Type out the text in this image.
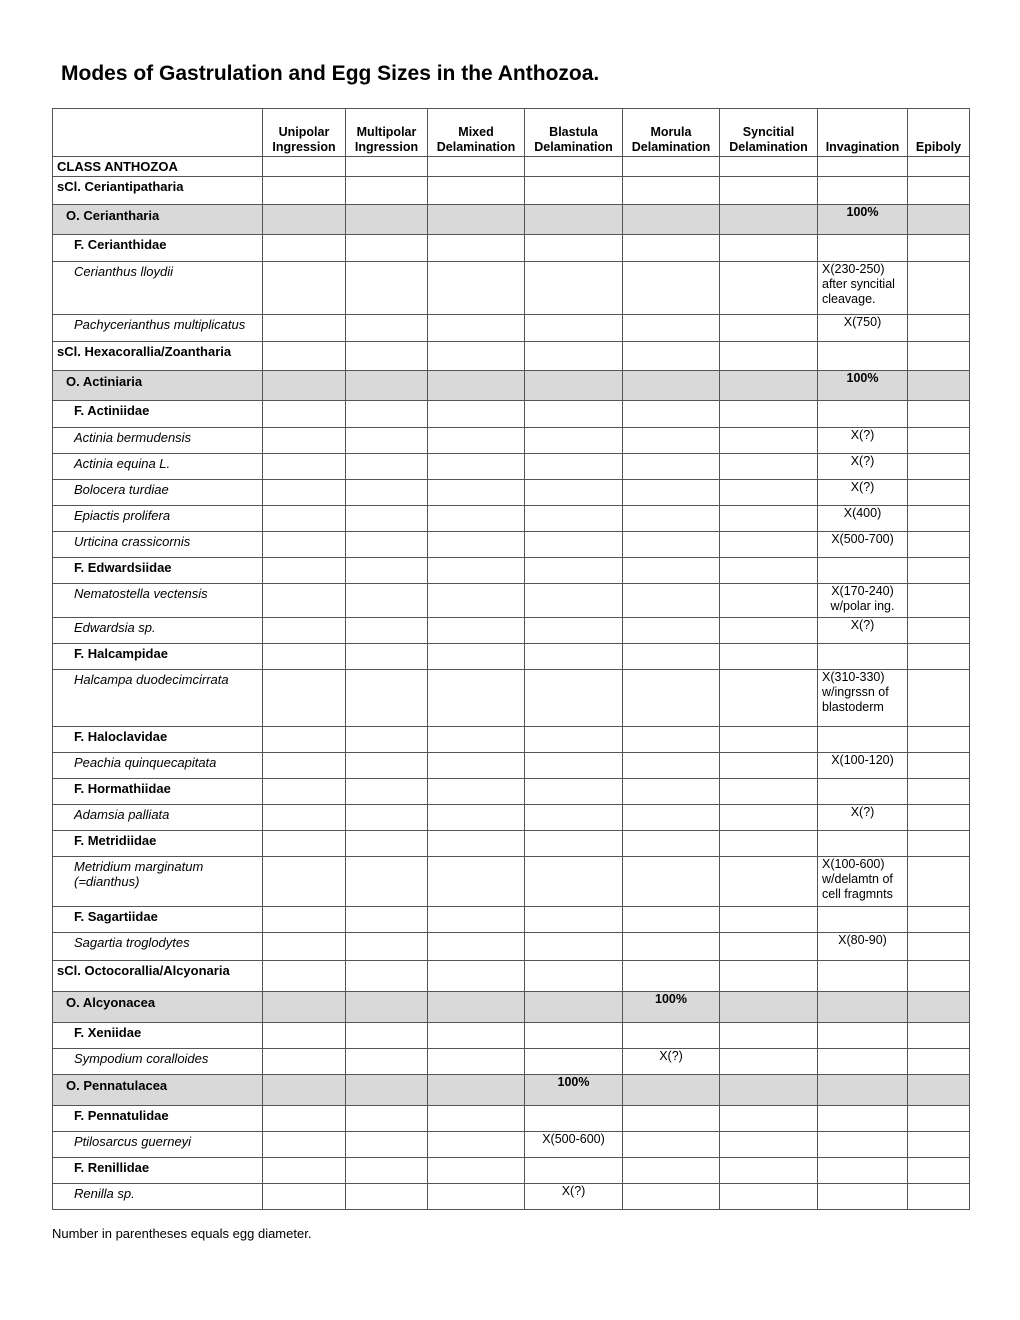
Modes of Gastrulation and Egg Sizes in the Anthozoa.

	Unipolar
Ingression	Multipolar
Ingression	Mixed
Delamination	Blastula
Delamination	Morula
Delamination	Syncitial
Delamination	Invagination	Epiboly

CLASS ANTHOZOA								
sCl. Ceriantipatharia								
O. Ceriantharia							100%	

F. Cerianthidae								
Cerianthus lloydii							X(230-250) after syncitial cleavage.	

Pachycerianthus multiplicatus							X(750)	

sCl. Hexacorallia/Zoantharia								
O. Actiniaria							100%	

F. Actiniidae								
Actinia bermudensis							X(?)	

Actinia equina L.							X(?)	

Bolocera turdiae							X(?)	

Epiactis prolifera							X(400)	

Urticina crassicornis							X(500-700)	

F. Edwardsiidae								
Nematostella vectensis							X(170-240) w/polar ing.	

Edwardsia sp.							X(?)	

F. Halcampidae								
Halcampa duodecimcirrata							X(310-330) w/ingrssn of blastoderm	

F. Haloclavidae								
Peachia quinquecapitata							X(100-120)	

F. Hormathiidae								
Adamsia palliata							X(?)	

F. Metridiidae								
Metridium marginatum (=dianthus)							X(100-600) w/delamtn of cell fragmnts	

F. Sagartiidae								
Sagartia troglodytes							X(80-90)	

sCl. Octocorallia/Alcyonaria								
O. Alcyonacea					100%			

F. Xeniidae								
Sympodium coralloides					X(?)			

O. Pennatulacea				100%				

F. Pennatulidae								
Ptilosarcus guerneyi				X(500-600)				

F. Renillidae								
Renilla sp.				X(?)				

Number in parentheses equals egg diameter.
